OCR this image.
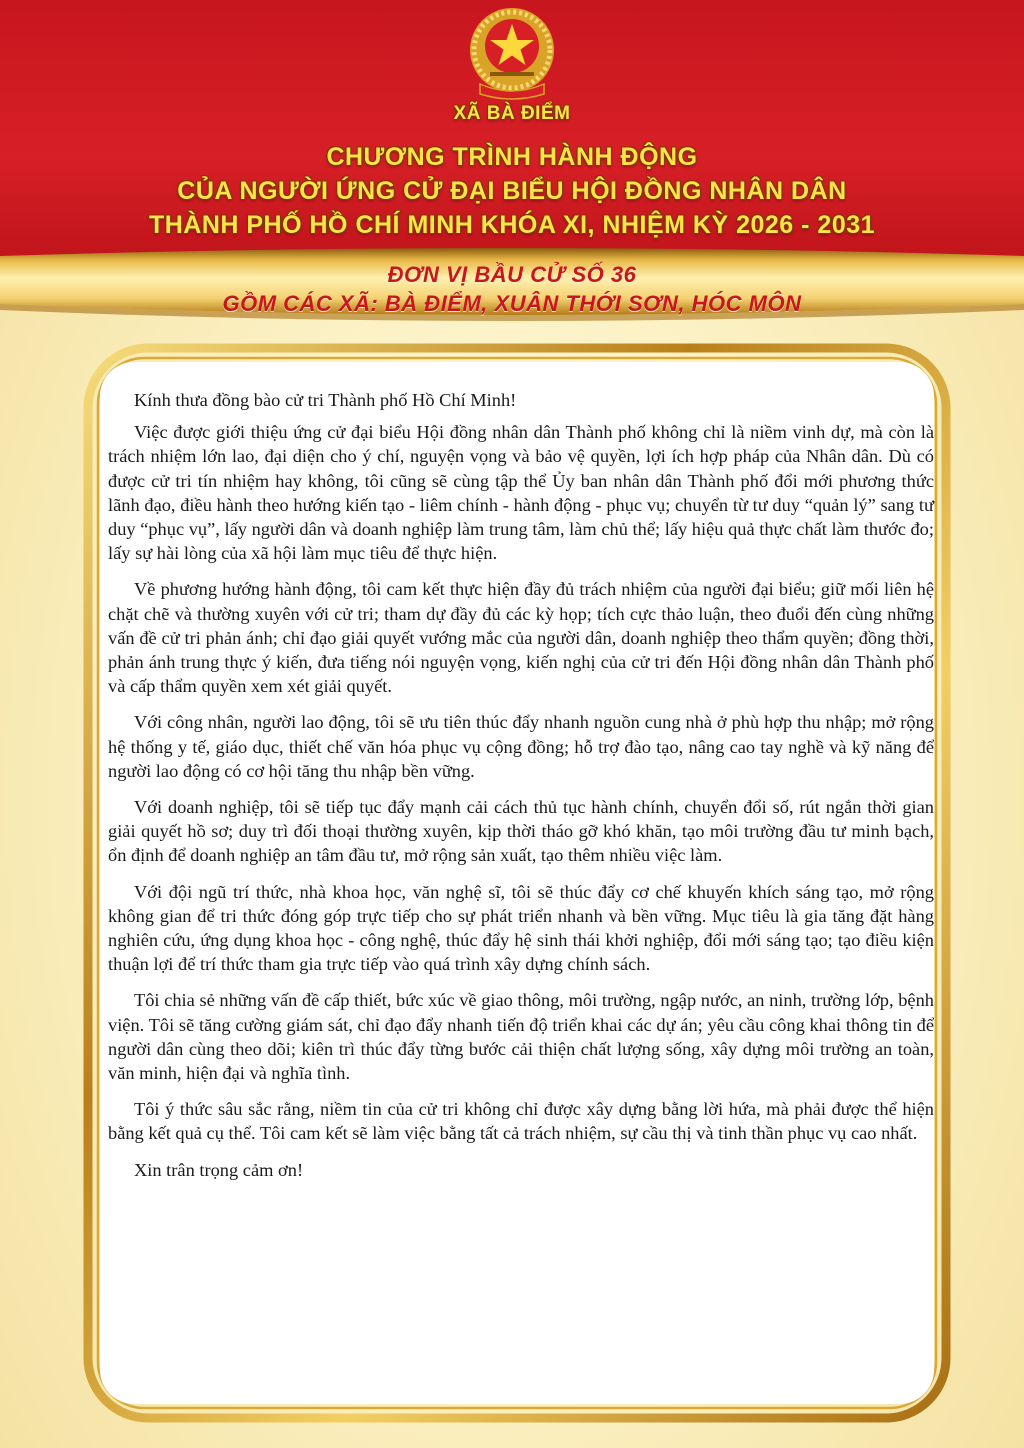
XÃ BÀ ĐIỂM
CHƯƠNG TRÌNH HÀNH ĐỘNG
CỦA NGƯỜI ỨNG CỬ ĐẠI BIỂU HỘI ĐỒNG NHÂN DÂN
THÀNH PHỐ HỒ CHÍ MINH KHÓA XI, NHIỆM KỲ 2026 - 2031
ĐƠN VỊ BẦU CỬ SỐ 36
GỒM CÁC XÃ: BÀ ĐIỂM, XUÂN THỚI SƠN, HÓC MÔN

Kính thưa đồng bào cử tri Thành phố Hồ Chí Minh!

Việc được giới thiệu ứng cử đại biểu Hội đồng nhân dân Thành phố không chỉ là niềm vinh dự, mà còn là trách nhiệm lớn lao, đại diện cho ý chí, nguyện vọng và bảo vệ quyền, lợi ích hợp pháp của Nhân dân. Dù có được cử tri tín nhiệm hay không, tôi cũng sẽ cùng tập thể Ủy ban nhân dân Thành phố đổi mới phương thức lãnh đạo, điều hành theo hướng kiến tạo - liêm chính - hành động - phục vụ; chuyển từ tư duy “quản lý” sang tư duy “phục vụ”, lấy người dân và doanh nghiệp làm trung tâm, làm chủ thể; lấy hiệu quả thực chất làm thước đo; lấy sự hài lòng của xã hội làm mục tiêu để thực hiện.

Về phương hướng hành động, tôi cam kết thực hiện đầy đủ trách nhiệm của người đại biểu; giữ mối liên hệ chặt chẽ và thường xuyên với cử tri; tham dự đầy đủ các kỳ họp; tích cực thảo luận, theo đuổi đến cùng những vấn đề cử tri phản ánh; chỉ đạo giải quyết vướng mắc của người dân, doanh nghiệp theo thẩm quyền; đồng thời, phản ánh trung thực ý kiến, đưa tiếng nói nguyện vọng, kiến nghị của cử tri đến Hội đồng nhân dân Thành phố và cấp thẩm quyền xem xét giải quyết.

Với công nhân, người lao động, tôi sẽ ưu tiên thúc đẩy nhanh nguồn cung nhà ở phù hợp thu nhập; mở rộng hệ thống y tế, giáo dục, thiết chế văn hóa phục vụ cộng đồng; hỗ trợ đào tạo, nâng cao tay nghề và kỹ năng để người lao động có cơ hội tăng thu nhập bền vững.

Với doanh nghiệp, tôi sẽ tiếp tục đẩy mạnh cải cách thủ tục hành chính, chuyển đổi số, rút ngắn thời gian giải quyết hồ sơ; duy trì đối thoại thường xuyên, kịp thời tháo gỡ khó khăn, tạo môi trường đầu tư minh bạch, ổn định để doanh nghiệp an tâm đầu tư, mở rộng sản xuất, tạo thêm nhiều việc làm.

Với đội ngũ trí thức, nhà khoa học, văn nghệ sĩ, tôi sẽ thúc đẩy cơ chế khuyến khích sáng tạo, mở rộng không gian để tri thức đóng góp trực tiếp cho sự phát triển nhanh và bền vững. Mục tiêu là gia tăng đặt hàng nghiên cứu, ứng dụng khoa học - công nghệ, thúc đẩy hệ sinh thái khởi nghiệp, đổi mới sáng tạo; tạo điều kiện thuận lợi để trí thức tham gia trực tiếp vào quá trình xây dựng chính sách.

Tôi chia sẻ những vấn đề cấp thiết, bức xúc về giao thông, môi trường, ngập nước, an ninh, trường lớp, bệnh viện. Tôi sẽ tăng cường giám sát, chỉ đạo đẩy nhanh tiến độ triển khai các dự án; yêu cầu công khai thông tin để người dân cùng theo dõi; kiên trì thúc đẩy từng bước cải thiện chất lượng sống, xây dựng môi trường an toàn, văn minh, hiện đại và nghĩa tình.

Tôi ý thức sâu sắc rằng, niềm tin của cử tri không chỉ được xây dựng bằng lời hứa, mà phải được thể hiện bằng kết quả cụ thể. Tôi cam kết sẽ làm việc bằng tất cả trách nhiệm, sự cầu thị và tinh thần phục vụ cao nhất.

Xin trân trọng cảm ơn!
